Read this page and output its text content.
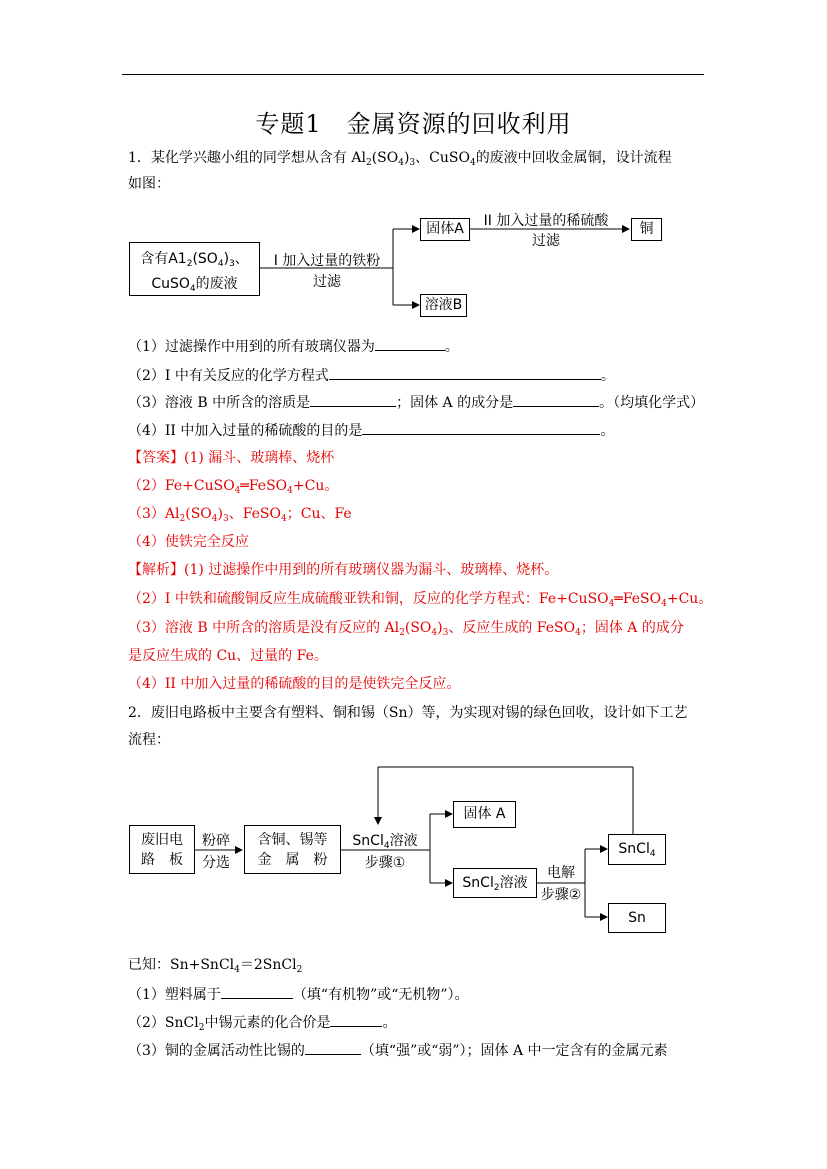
专题1　金属资源的回收利用
1．某化学兴趣小组的同学想从含有 $Al_2(SO_4)_3$、CuSO$_4$的废液中回收金属铜，设计流程
如图：
含有$A1_2(SO_4)_3$、
CuSO$_4$的废液
I 加入过量的铁粉
过滤
固体A	II 加入过量的稀硫酸
过滤
铜
溶液B
（1）过滤操作中用到的所有玻璃仪器为	。
（2）I 中有关反应的化学方程式	。
（3）溶液 B 中所含的溶质是	；固体 A 的成分是	。（均填化学式）
（4）II 中加入过量的稀硫酸的目的是	。
【答案】(1) 漏斗、玻璃棒、烧杯
（2）Fe+CuSO$_4$═FeSO$_4$+Cu。
$(3)Al_2(SO_4)_3$、FeSO$_4$；Cu、Fe
（4）使铁完全反应
【解析】(1) 过滤操作中用到的所有玻璃仪器为漏斗、玻璃棒、烧杯。
（2）I 中铁和硫酸铜反应生成硫酸亚铁和铜，反应的化学方程式：Fe+CuSO$_4$═FeSO$_4$+Cu。
（3）溶液 B 中所含的溶质是没有反应的 $Al_2(SO_4)_3$、反应生成的 FeSO$_4$；固体 A 的成分
是反应生成的 Cu、过量的 Fe。
（4）II 中加入过量的稀硫酸的目的是使铁完全反应。
2．废旧电路板中主要含有塑料、铜和锡（Sn）等，为实现对锡的绿色回收，设计如下工艺
流程：
废旧电
路　板
粉碎
分选
含铜、锡等
金　属　粉
SnCl$_4$溶液
步骤①
固体 A
SnCl$_2$溶液
电解
步骤②
SnCl$_4$
Sn
已知：Sn+SnCl$_4$＝2SnCl$_2$
（1）塑料属于	（填“有机物”或“无机物”）。
（2）SnCl$_2$中锡元素的化合价是	。
（3）铜的金属活动性比锡的	（填“强”或“弱”）；固体 A 中一定含有的金属元素
